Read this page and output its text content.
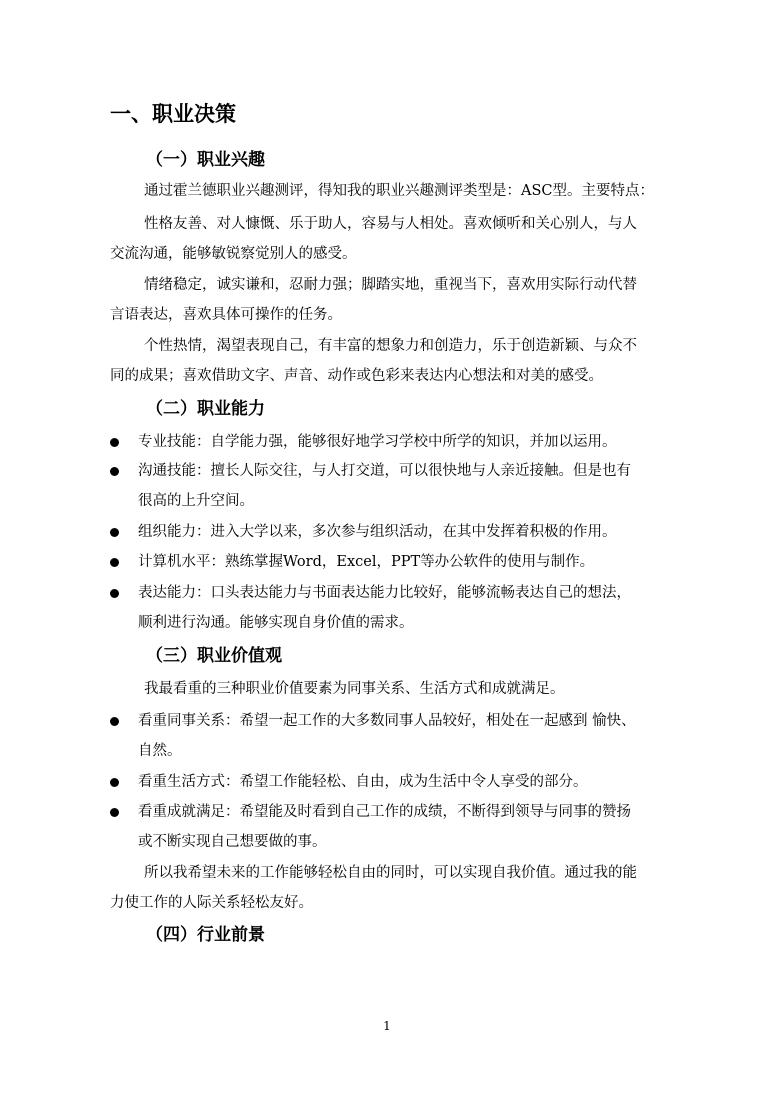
一、职业决策
（一）职业兴趣
通过霍兰德职业兴趣测评，得知我的职业兴趣测评类型是：ASC型。主要特点：
性格友善、对人慷慨、乐于助人，容易与人相处。喜欢倾听和关心别人，与人
交流沟通，能够敏锐察觉别人的感受。
情绪稳定，诚实谦和，忍耐力强；脚踏实地，重视当下，喜欢用实际行动代替
言语表达，喜欢具体可操作的任务。
个性热情，渴望表现自己，有丰富的想象力和创造力，乐于创造新颖、与众不
同的成果；喜欢借助文字、声音、动作或色彩来表达内心想法和对美的感受。
（二）职业能力
专业技能：自学能力强，能够很好地学习学校中所学的知识，并加以运用。
沟通技能：擅长人际交往，与人打交道，可以很快地与人亲近接触。但是也有
很高的上升空间。
组织能力：进入大学以来，多次参与组织活动，在其中发挥着积极的作用。
计算机水平：熟练掌握Word，Excel，PPT等办公软件的使用与制作。
表达能力：口头表达能力与书面表达能力比较好，能够流畅表达自己的想法，
顺利进行沟通。能够实现自身价值的需求。
（三）职业价值观
我最看重的三种职业价值要素为同事关系、生活方式和成就满足。
看重同事关系：希望一起工作的大多数同事人品较好，相处在一起感到 愉快、
自然。
看重生活方式：希望工作能轻松、自由，成为生活中令人享受的部分。
看重成就满足：希望能及时看到自己工作的成绩，不断得到领导与同事的赞扬
或不断实现自己想要做的事。
所以我希望未来的工作能够轻松自由的同时，可以实现自我价值。通过我的能
力使工作的人际关系轻松友好。
（四）行业前景
1
